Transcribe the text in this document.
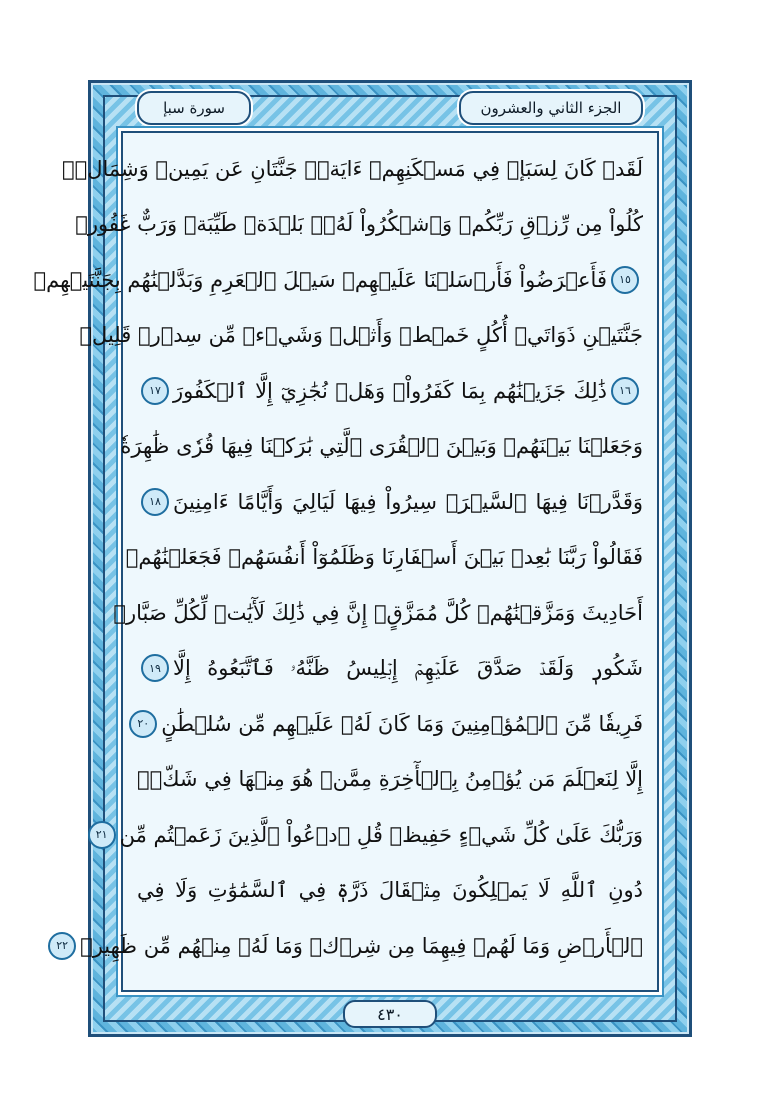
سورة سبإ	الجزء الثاني والعشرون
لَقَدۡ كَانَ لِسَبَإٖ فِي مَسۡكَنِهِمۡ ءَايَةٞۖ جَنَّتَانِ عَن يَمِينٖ وَشِمَالٖۖ
كُلُواْ مِن رِّزۡقِ رَبِّكُمۡ وَٱشۡكُرُواْ لَهُۥۚ بَلۡدَةٞ طَيِّبَةٞ وَرَبٌّ غَفُورٞ
١٥
فَأَعۡرَضُواْ فَأَرۡسَلۡنَا عَلَيۡهِمۡ سَيۡلَ ٱلۡعَرِمِ وَبَدَّلۡنَٰهُم بِجَنَّتَيۡهِمۡ
جَنَّتَيۡنِ ذَوَاتَيۡ أُكُلٍ خَمۡطٖ وَأَثۡلٖ وَشَيۡءٖ مِّن سِدۡرٖ قَلِيلٖ
١٦
ذَٰلِكَ جَزَيۡنَٰهُم بِمَا كَفَرُواْۖ وَهَلۡ نُجَٰزِيٓ إِلَّا ٱلۡكَفُورَ
١٧
وَجَعَلۡنَا بَيۡنَهُمۡ وَبَيۡنَ ٱلۡقُرَى ٱلَّتِي بَٰرَكۡنَا فِيهَا قُرٗى ظَٰهِرَةٗ
وَقَدَّرۡنَا فِيهَا ٱلسَّيۡرَۖ سِيرُواْ فِيهَا لَيَالِيَ وَأَيَّامًا ءَامِنِينَ
١٨
فَقَالُواْ رَبَّنَا بَٰعِدۡ بَيۡنَ أَسۡفَارِنَا وَظَلَمُوٓاْ أَنفُسَهُمۡ فَجَعَلۡنَٰهُمۡ
أَحَادِيثَ وَمَزَّقۡنَٰهُمۡ كُلَّ مُمَزَّقٍۚ إِنَّ فِي ذَٰلِكَ لَأٓيَٰتٖ لِّكُلِّ صَبَّارٖ
شَكُورٖ وَلَقَدۡ صَدَّقَ عَلَيۡهِمۡ إِبۡلِيسُ ظَنَّهُۥ فَٱتَّبَعُوهُ إِلَّا
١٩
فَرِيقٗا مِّنَ ٱلۡمُؤۡمِنِينَ وَمَا كَانَ لَهُۥ عَلَيۡهِم مِّن سُلۡطَٰنٍ
٢٠
إِلَّا لِنَعۡلَمَ مَن يُؤۡمِنُ بِٱلۡأٓخِرَةِ مِمَّنۡ هُوَ مِنۡهَا فِي شَكّٖۗ
وَرَبُّكَ عَلَىٰ كُلِّ شَيۡءٍ حَفِيظٞ قُلِ ٱدۡعُواْ ٱلَّذِينَ زَعَمۡتُم مِّن
٢١
دُونِ ٱللَّهِ لَا يَمۡلِكُونَ مِثۡقَالَ ذَرَّةٖ فِي ٱلسَّمَٰوَٰتِ وَلَا فِي
ٱلۡأَرۡضِ وَمَا لَهُمۡ فِيهِمَا مِن شِرۡكٖ وَمَا لَهُۥ مِنۡهُم مِّن ظَهِيرٖ
٢٢
٤٣٠
